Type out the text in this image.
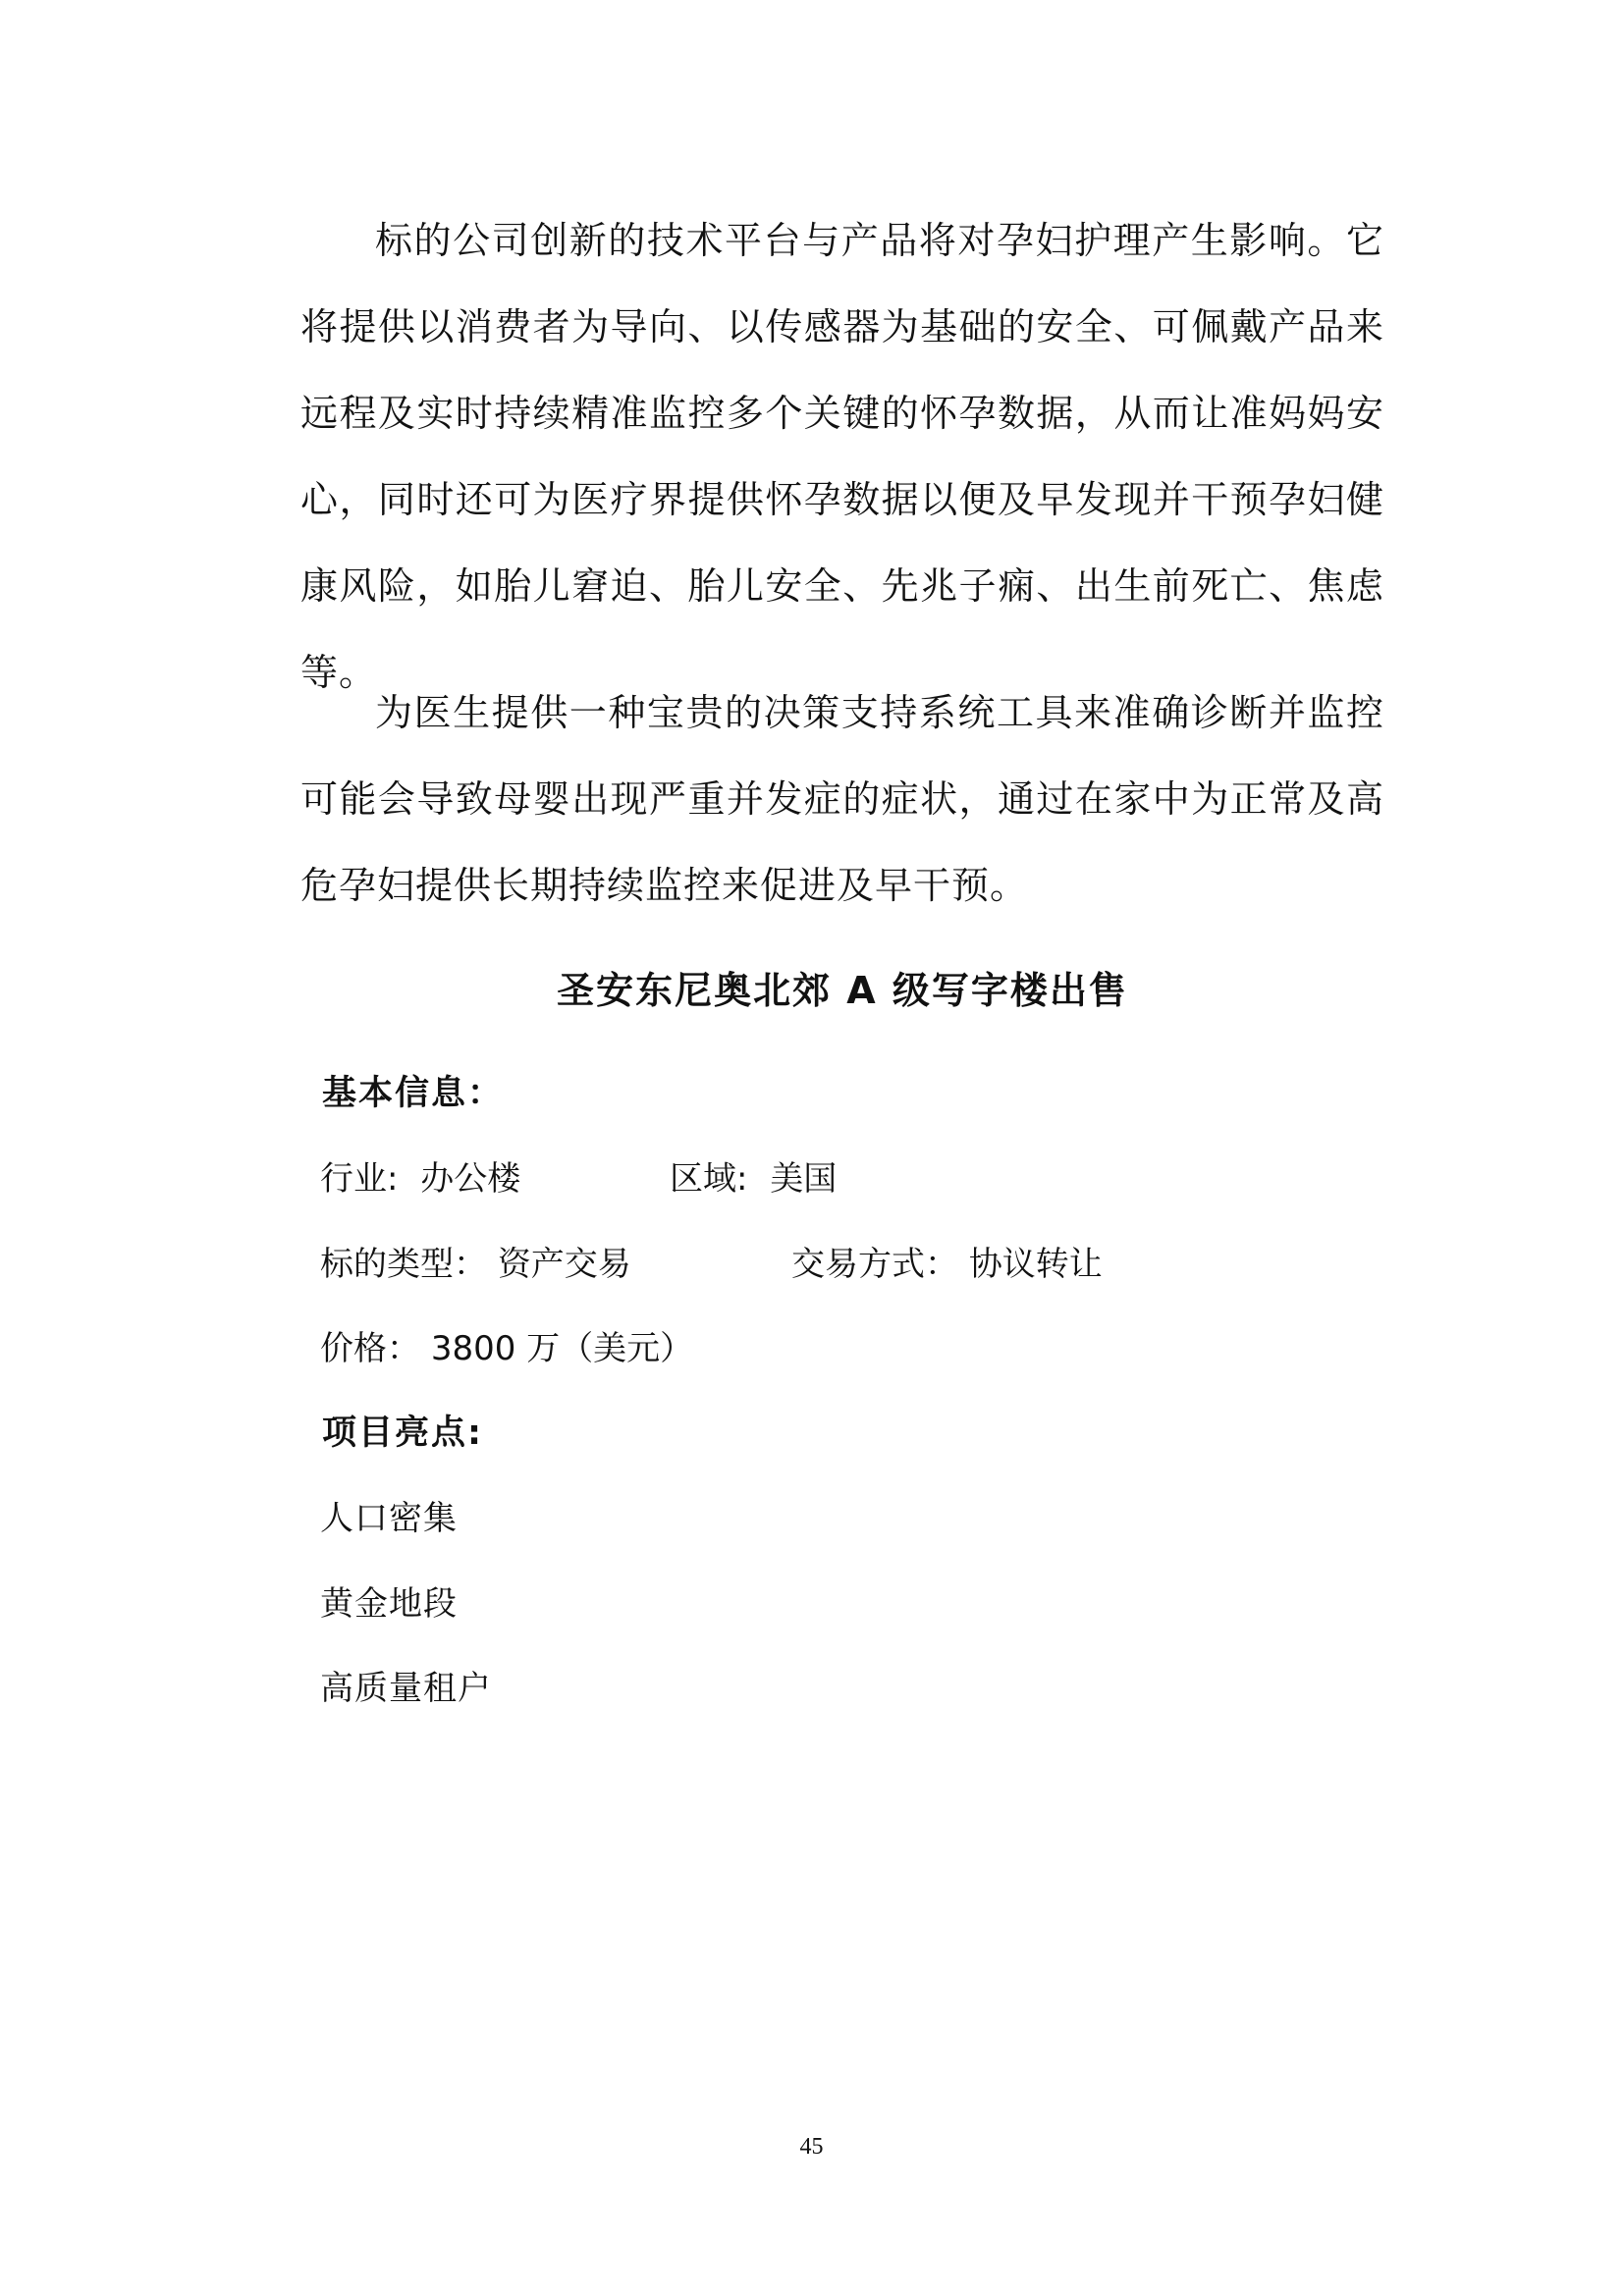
标的公司创新的技术平台与产品将对孕妇护理产生影响。它将提供以消费者为导向、以传感器为基础的安全、可佩戴产品来远程及实时持续精准监控多个关键的怀孕数据，从而让准妈妈安心，同时还可为医疗界提供怀孕数据以便及早发现并干预孕妇健康风险，如胎儿窘迫、胎儿安全、先兆子痫、出生前死亡、焦虑等。

为医生提供一种宝贵的决策支持系统工具来准确诊断并监控可能会导致母婴出现严重并发症的症状，通过在家中为正常及高危孕妇提供长期持续监控来促进及早干预。

圣安东尼奥北郊 A 级写字楼出售
基本信息：
行业: 办公楼	区域: 美国
标的类型： 资产交易	交易方式： 协议转让
价格： 3800 万（美元）
项目亮点:

人口密集

黄金地段

高质量租户

45
